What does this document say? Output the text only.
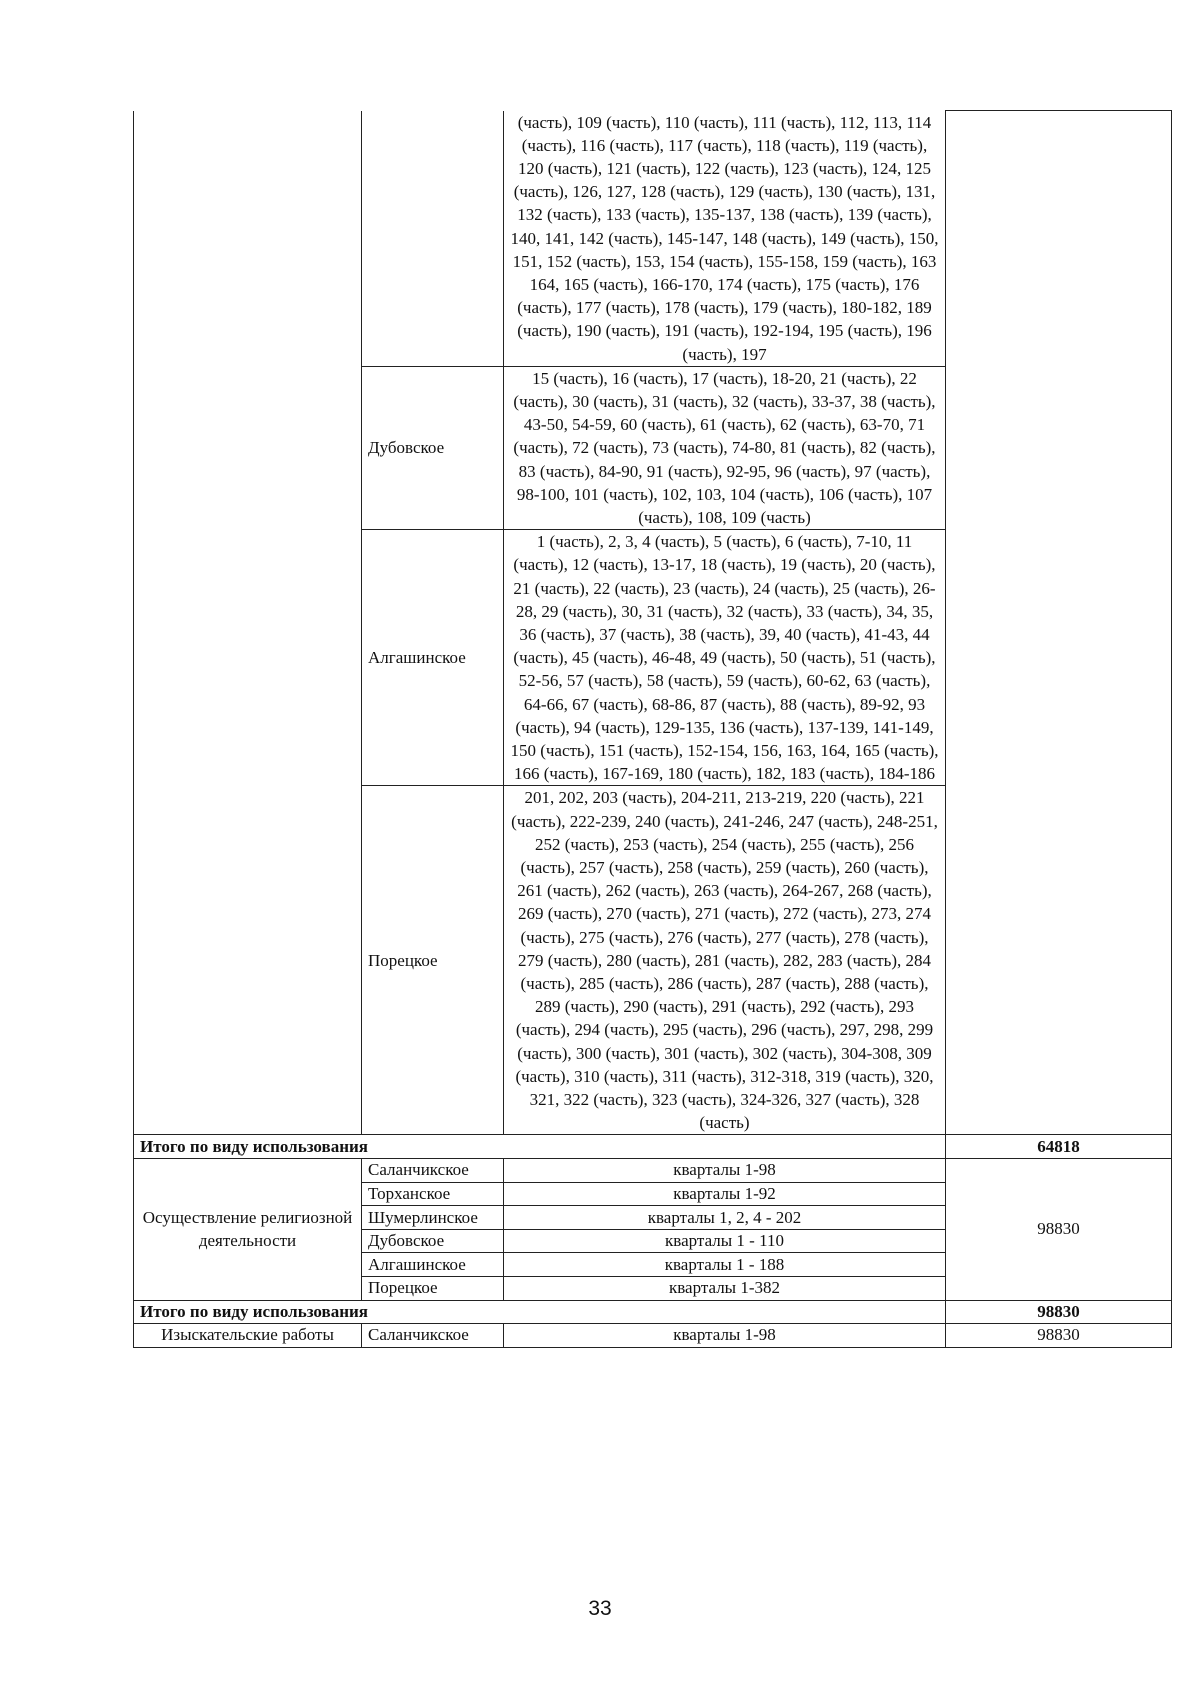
		(часть), 109 (часть), 110 (часть), 111 (часть), 112, 113, 114 (часть), 116 (часть), 117 (часть), 118 (часть), 119 (часть), 120 (часть), 121 (часть), 122 (часть), 123 (часть), 124, 125 (часть), 126, 127, 128 (часть), 129 (часть), 130 (часть), 131, 132 (часть), 133 (часть), 135-137, 138 (часть), 139 (часть), 140, 141, 142 (часть), 145-147, 148 (часть), 149 (часть), 150, 151, 152 (часть), 153, 154 (часть), 155-158, 159 (часть), 163 164, 165 (часть), 166-170, 174 (часть), 175 (часть), 176 (часть), 177 (часть), 178 (часть), 179 (часть), 180-182, 189 (часть), 190 (часть), 191 (часть), 192-194, 195 (часть), 196 (часть), 197	
	Дубовское	15 (часть), 16 (часть), 17 (часть), 18-20, 21 (часть), 22 (часть), 30 (часть), 31 (часть), 32 (часть), 33-37, 38 (часть), 43-50, 54-59, 60 (часть), 61 (часть), 62 (часть), 63-70, 71 (часть), 72 (часть), 73 (часть), 74-80, 81 (часть), 82 (часть), 83 (часть), 84-90, 91 (часть), 92-95, 96 (часть), 97 (часть), 98-100, 101 (часть), 102, 103, 104 (часть), 106 (часть), 107 (часть), 108, 109 (часть)	
	Алгашинское	1 (часть), 2, 3, 4 (часть), 5 (часть), 6 (часть), 7-10, 11 (часть), 12 (часть), 13-17, 18 (часть), 19 (часть), 20 (часть), 21 (часть), 22 (часть), 23 (часть), 24 (часть), 25 (часть), 26-28, 29 (часть), 30, 31 (часть), 32 (часть), 33 (часть), 34, 35, 36 (часть), 37 (часть), 38 (часть), 39, 40 (часть), 41-43, 44 (часть), 45 (часть), 46-48, 49 (часть), 50 (часть), 51 (часть), 52-56, 57 (часть), 58 (часть), 59 (часть), 60-62, 63 (часть), 64-66, 67 (часть), 68-86, 87 (часть), 88 (часть), 89-92, 93 (часть), 94 (часть), 129-135, 136 (часть), 137-139, 141-149, 150 (часть), 151 (часть), 152-154, 156, 163, 164, 165 (часть), 166 (часть), 167-169, 180 (часть), 182, 183 (часть), 184-186	
	Порецкое	201, 202, 203 (часть), 204-211, 213-219, 220 (часть), 221 (часть), 222-239, 240 (часть), 241-246, 247 (часть), 248-251, 252 (часть), 253 (часть), 254 (часть), 255 (часть), 256 (часть), 257 (часть), 258 (часть), 259 (часть), 260 (часть), 261 (часть), 262 (часть), 263 (часть), 264-267, 268 (часть), 269 (часть), 270 (часть), 271 (часть), 272 (часть), 273, 274 (часть), 275 (часть), 276 (часть), 277 (часть), 278 (часть), 279 (часть), 280 (часть), 281 (часть), 282, 283 (часть), 284 (часть), 285 (часть), 286 (часть), 287 (часть), 288 (часть), 289 (часть), 290 (часть), 291 (часть), 292 (часть), 293 (часть), 294 (часть), 295 (часть), 296 (часть), 297, 298, 299 (часть), 300 (часть), 301 (часть), 302 (часть), 304-308, 309 (часть), 310 (часть), 311 (часть), 312-318, 319 (часть), 320, 321, 322 (часть), 323 (часть), 324-326, 327 (часть), 328 (часть)	
Итого по виду использования			64818
Осуществление религиозной деятельности	Саланчикское	кварталы 1-98	98830
	Торханское	кварталы 1-92	
	Шумерлинское	кварталы 1, 2, 4 - 202	
	Дубовское	кварталы 1 - 110	
	Алгашинское	кварталы 1 - 188	
	Порецкое	кварталы 1-382	
Итого по виду использования			98830
Изыскательские работы	Саланчикское	кварталы 1-98	98830
33
